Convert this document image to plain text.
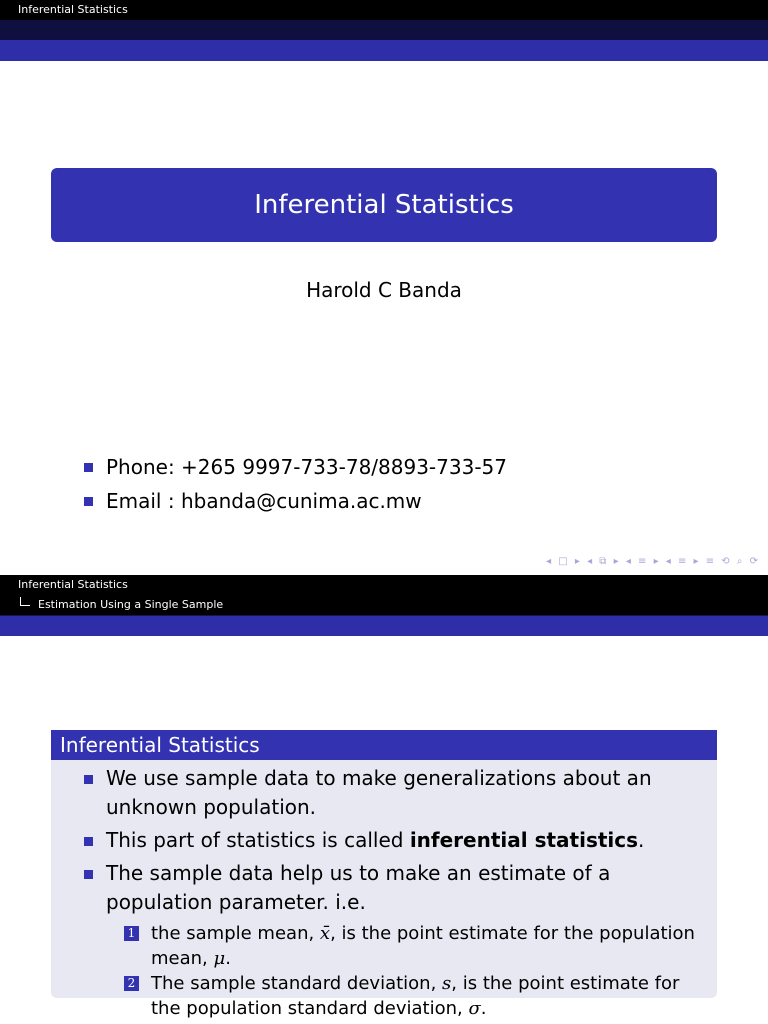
Inferential Statistics
Inferential Statistics
Harold C Banda
Phone: +265 9997-733-78/8893-733-57
Email : hbanda@cunima.ac.mw
◂ □ ▸ ◂ ⧉ ▸ ◂ ≡ ▸ ◂ ≡ ▸ ≡ ⟲ ⌕ ⟳
Inferential Statistics
Estimation Using a Single Sample
Inferential Statistics
We use sample data to make generalizations about an unknown population.
This part of statistics is called inferential statistics.
The sample data help us to make an estimate of a population parameter. i.e.
1 the sample mean, x̄, is the point estimate for the population mean, μ.
2 The sample standard deviation, s, is the point estimate for the population standard deviation, σ.
